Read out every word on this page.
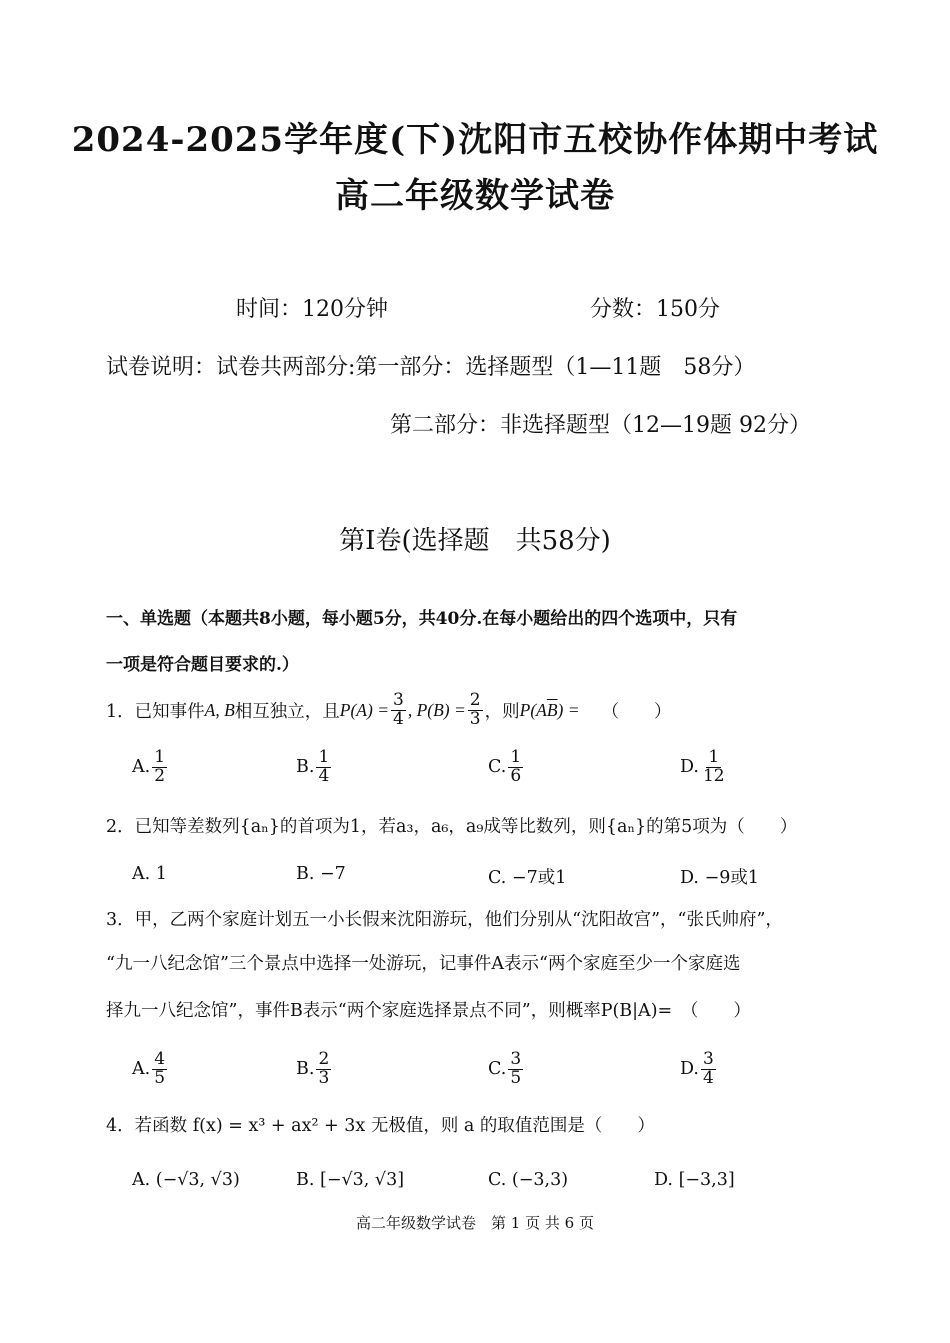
2024-2025学年度(下)沈阳市五校协作体期中考试
高二年级数学试卷
时间：120分钟	分数：150分
试卷说明：试卷共两部分:第一部分：选择题型（1—11题　58分）
第二部分：非选择题型（12—19题 92分）
第Ⅰ卷(选择题　共58分)
一、单选题（本题共8小题，每小题5分，共40分.在每小题给出的四个选项中，只有
一项是符合题目要求的.）
1．已知事件 A, B 相互独立，且 $P(A) = \frac{3}{4}$ , $P(B) = \frac{2}{3}$ ，则 P(A $\overline{B}$ ) = （　　）
A. $\frac{1}{2}$	B. $\frac{1}{4}$	C. $\frac{1}{6}$	D. $\frac{1}{12}$
2．已知等差数列{aₙ}的首项为1，若a₃，a₆，a₉成等比数列，则{aₙ}的第5项为（　　）
A. 1	B. −7	C. −7或1	D. −9或1
3．甲，乙两个家庭计划五一小长假来沈阳游玩，他们分别从“沈阳故宫”，“张氏帅府”，
“九一八纪念馆”三个景点中选择一处游玩，记事件A表示“两个家庭至少一个家庭选
择九一八纪念馆”，事件B表示“两个家庭选择景点不同”，则概率P(B|A)=　（　　）
A. $\frac{4}{5}$	B. $\frac{2}{3}$	C. $\frac{3}{5}$	D. $\frac{3}{4}$
4．若函数 f(x) = x³ + ax² + 3x 无极值，则 a 的取值范围是（　　）
A. (−√3, √3)	B. [−√3, √3]	C. (−3,3)	D. [−3,3]
高二年级数学试卷　第 1 页 共 6 页
